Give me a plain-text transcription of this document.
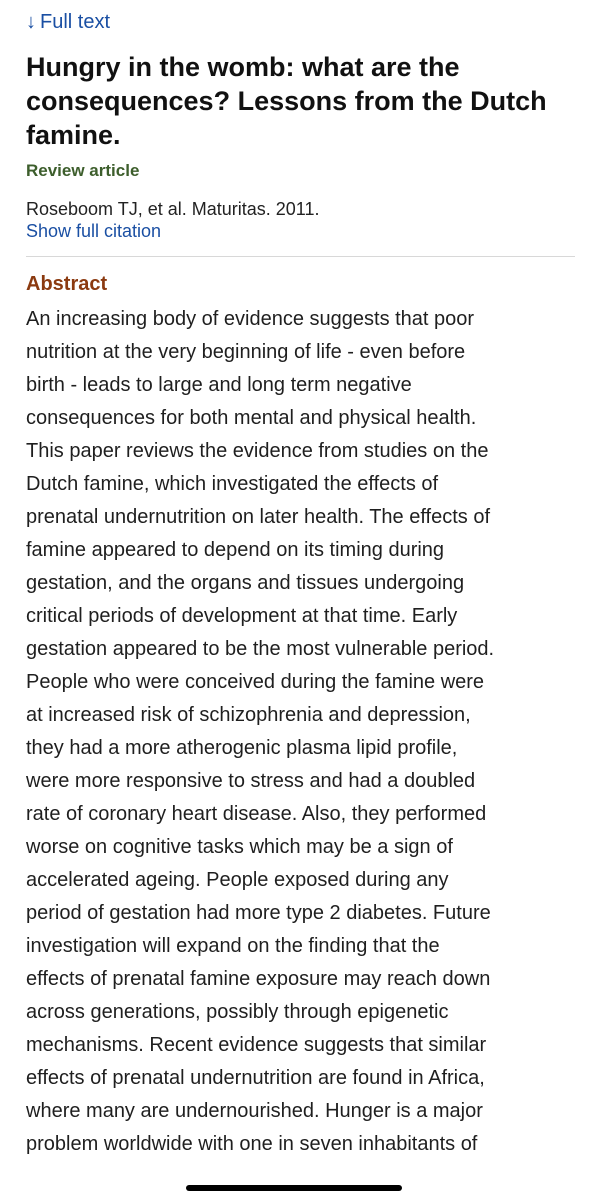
↓ Full text
Hungry in the womb: what are the consequences? Lessons from the Dutch famine.
Review article
Roseboom TJ, et al. Maturitas. 2011.
Show full citation
Abstract
An increasing body of evidence suggests that poor
nutrition at the very beginning of life - even before
birth - leads to large and long term negative
consequences for both mental and physical health.
This paper reviews the evidence from studies on the
Dutch famine, which investigated the effects of
prenatal undernutrition on later health. The effects of
famine appeared to depend on its timing during
gestation, and the organs and tissues undergoing
critical periods of development at that time. Early
gestation appeared to be the most vulnerable period.
People who were conceived during the famine were
at increased risk of schizophrenia and depression,
they had a more atherogenic plasma lipid profile,
were more responsive to stress and had a doubled
rate of coronary heart disease. Also, they performed
worse on cognitive tasks which may be a sign of
accelerated ageing. People exposed during any
period of gestation had more type 2 diabetes. Future
investigation will expand on the finding that the
effects of prenatal famine exposure may reach down
across generations, possibly through epigenetic
mechanisms. Recent evidence suggests that similar
effects of prenatal undernutrition are found in Africa,
where many are undernourished. Hunger is a major
problem worldwide with one in seven inhabitants of
